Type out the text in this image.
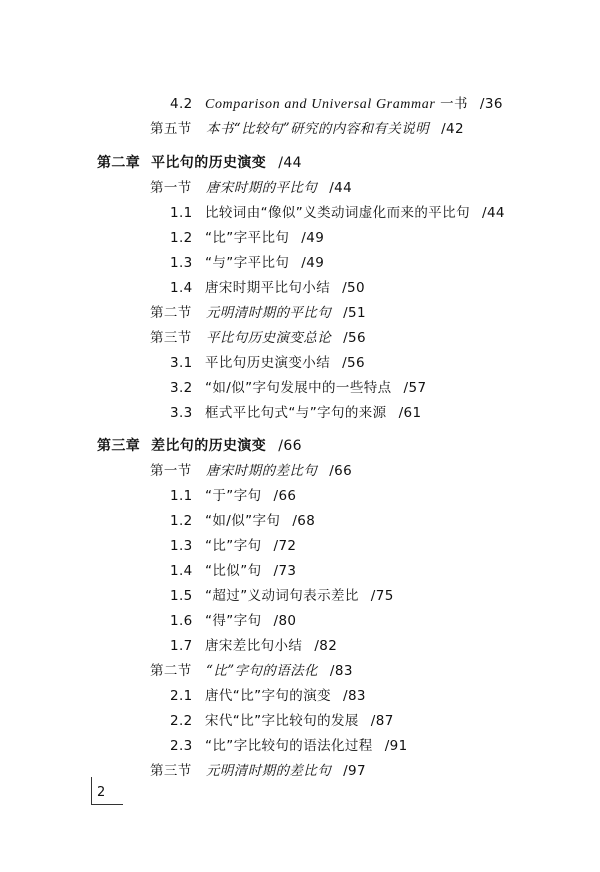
4.2 Comparison and Universal Grammar 一书 /36
第五节 本书“比较句”研究的内容和有关说明 /42
第二章 平比句的历史演变 /44
第一节 唐宋时期的平比句 /44
1.1 比较词由“像似”义类动词虚化而来的平比句 /44
1.2 “比”字平比句 /49
1.3 “与”字平比句 /49
1.4 唐宋时期平比句小结 /50
第二节 元明清时期的平比句 /51
第三节 平比句历史演变总论 /56
3.1 平比句历史演变小结 /56
3.2 “如/似”字句发展中的一些特点 /57
3.3 框式平比句式“与”字句的来源 /61
第三章 差比句的历史演变 /66
第一节 唐宋时期的差比句 /66
1.1 “于”字句 /66
1.2 “如/似”字句 /68
1.3 “比”字句 /72
1.4 “比似”句 /73
1.5 “超过”义动词句表示差比 /75
1.6 “得”字句 /80
1.7 唐宋差比句小结 /82
第二节 “比”字句的语法化 /83
2.1 唐代“比”字句的演变 /83
2.2 宋代“比”字比较句的发展 /87
2.3 “比”字比较句的语法化过程 /91
第三节 元明清时期的差比句 /97
2
